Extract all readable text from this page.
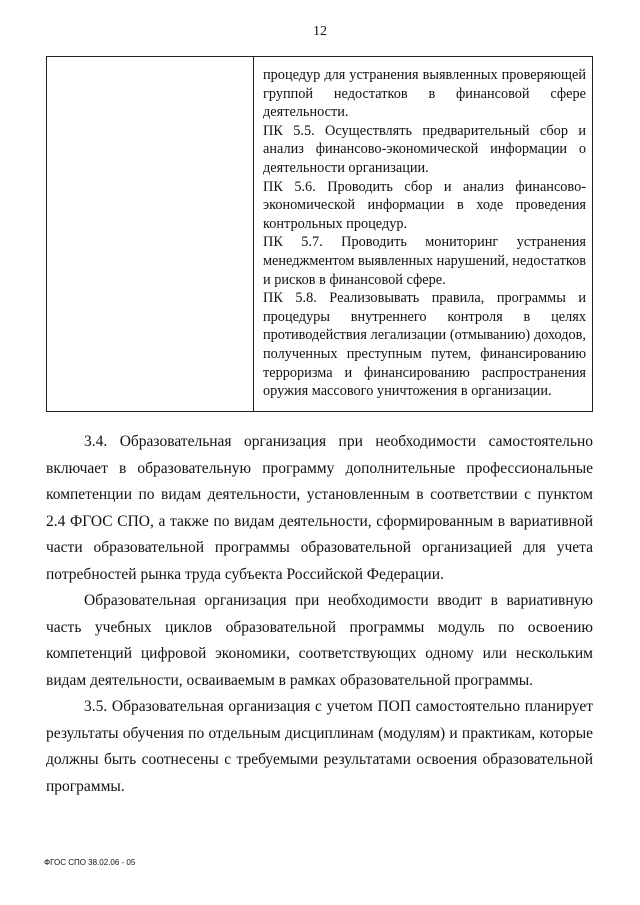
12

процедур для устранения выявленных проверяющей группой недостатков в финансовой сфере деятельности.

ПК 5.5. Осуществлять предварительный сбор и анализ финансово-экономической информации о деятельности организации.

ПК 5.6. Проводить сбор и анализ финансово-экономической информации в ходе проведения контрольных процедур.

ПК 5.7. Проводить мониторинг устранения менеджментом выявленных нарушений, недостатков и рисков в финансовой сфере.

ПК 5.8. Реализовывать правила, программы и процедуры внутреннего контроля в целях противодействия легализации (отмыванию) доходов, полученных преступным путем, финансированию терроризма и финансированию распространения оружия массового уничтожения в организации.

3.4. Образовательная организация при необходимости самостоятельно включает в образовательную программу дополнительные профессиональные компетенции по видам деятельности, установленным в соответствии с пунктом 2.4 ФГОС СПО, а также по видам деятельности, сформированным в вариативной части образовательной программы образовательной организацией для учета потребностей рынка труда субъекта Российской Федерации.

Образовательная организация при необходимости вводит в вариативную часть учебных циклов образовательной программы модуль по освоению компетенций цифровой экономики, соответствующих одному или нескольким видам деятельности, осваиваемым в рамках образовательной программы.

3.5. Образовательная организация с учетом ПОП самостоятельно планирует результаты обучения по отдельным дисциплинам (модулям) и практикам, которые должны быть соотнесены с требуемыми результатами освоения образовательной программы.

ФГОС СПО 38.02.06 - 05
